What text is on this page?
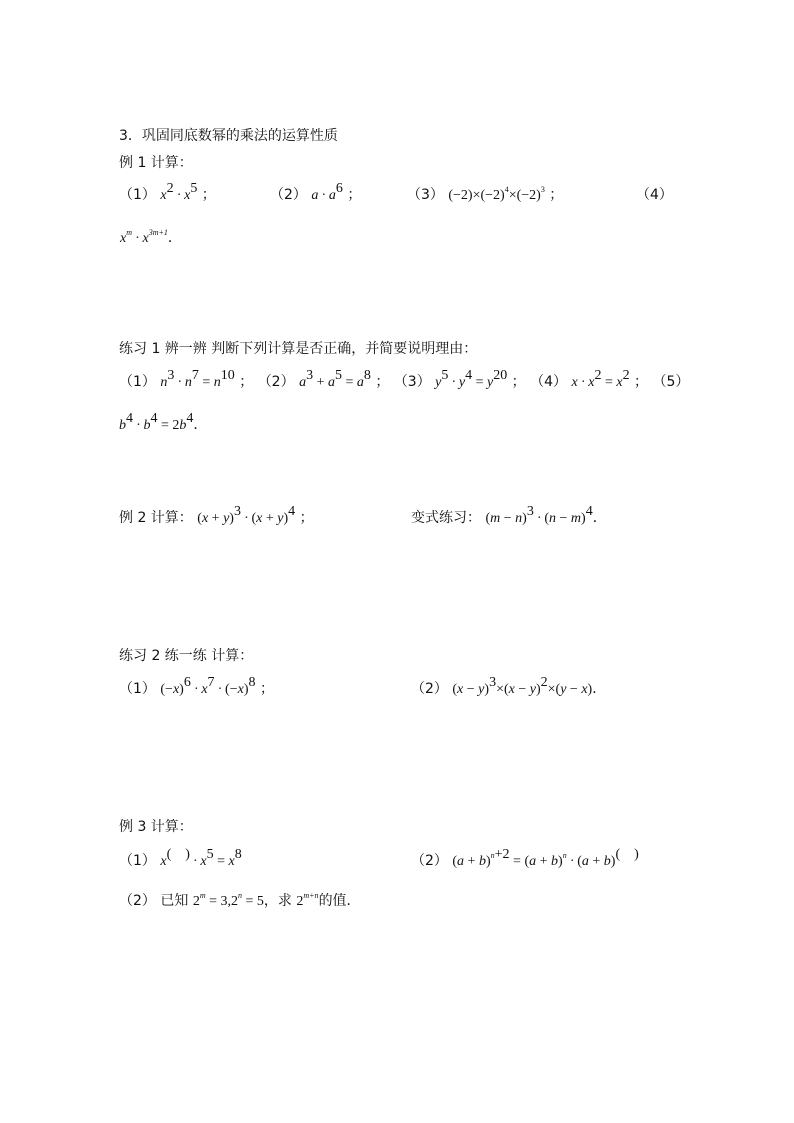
3．巩固同底数幂的乘法的运算性质
例 1 计算：
（1） $x^2 \cdot x^5$ ；	（2） $a \cdot a^6$ ；	（3） $(-2)\times(-2)^4\times(-2)^3$ ；	（4）
$x^m \cdot x^{3m+1}$．
练习 1 辨一辨 判断下列计算是否正确，并简要说明理由：
（1） $n^3 \cdot n^7 = n^{10}$ ； （2） $a^3 + a^5 = a^8$ ； （3） $y^5 \cdot y^4 = y^{20}$ ； （4） $x \cdot x^2 = x^2$ ； （5）
$b^4 \cdot b^4 = 2b^4$．
例 2 计算： $(x + y)^3 \cdot (x + y)^4$ ；	变式练习： $(m - n)^3 \cdot (n - m)^4$．
练习 2 练一练 计算：
（1） $(-x)^6 \cdot x^7 \cdot (-x)^8$ ；	（2） $(x - y)^3\times(x - y)^2\times(y - x)$．
例 3 计算：
（1） $x^{( )} \cdot x^5 = x^8$	（2） $(a + b)^{n+2} = (a + b)^n \cdot (a + b)^{( )}$
（2） 已知 $2^m = 3,2^n = 5$，求 $2^{m+n}$的值．
